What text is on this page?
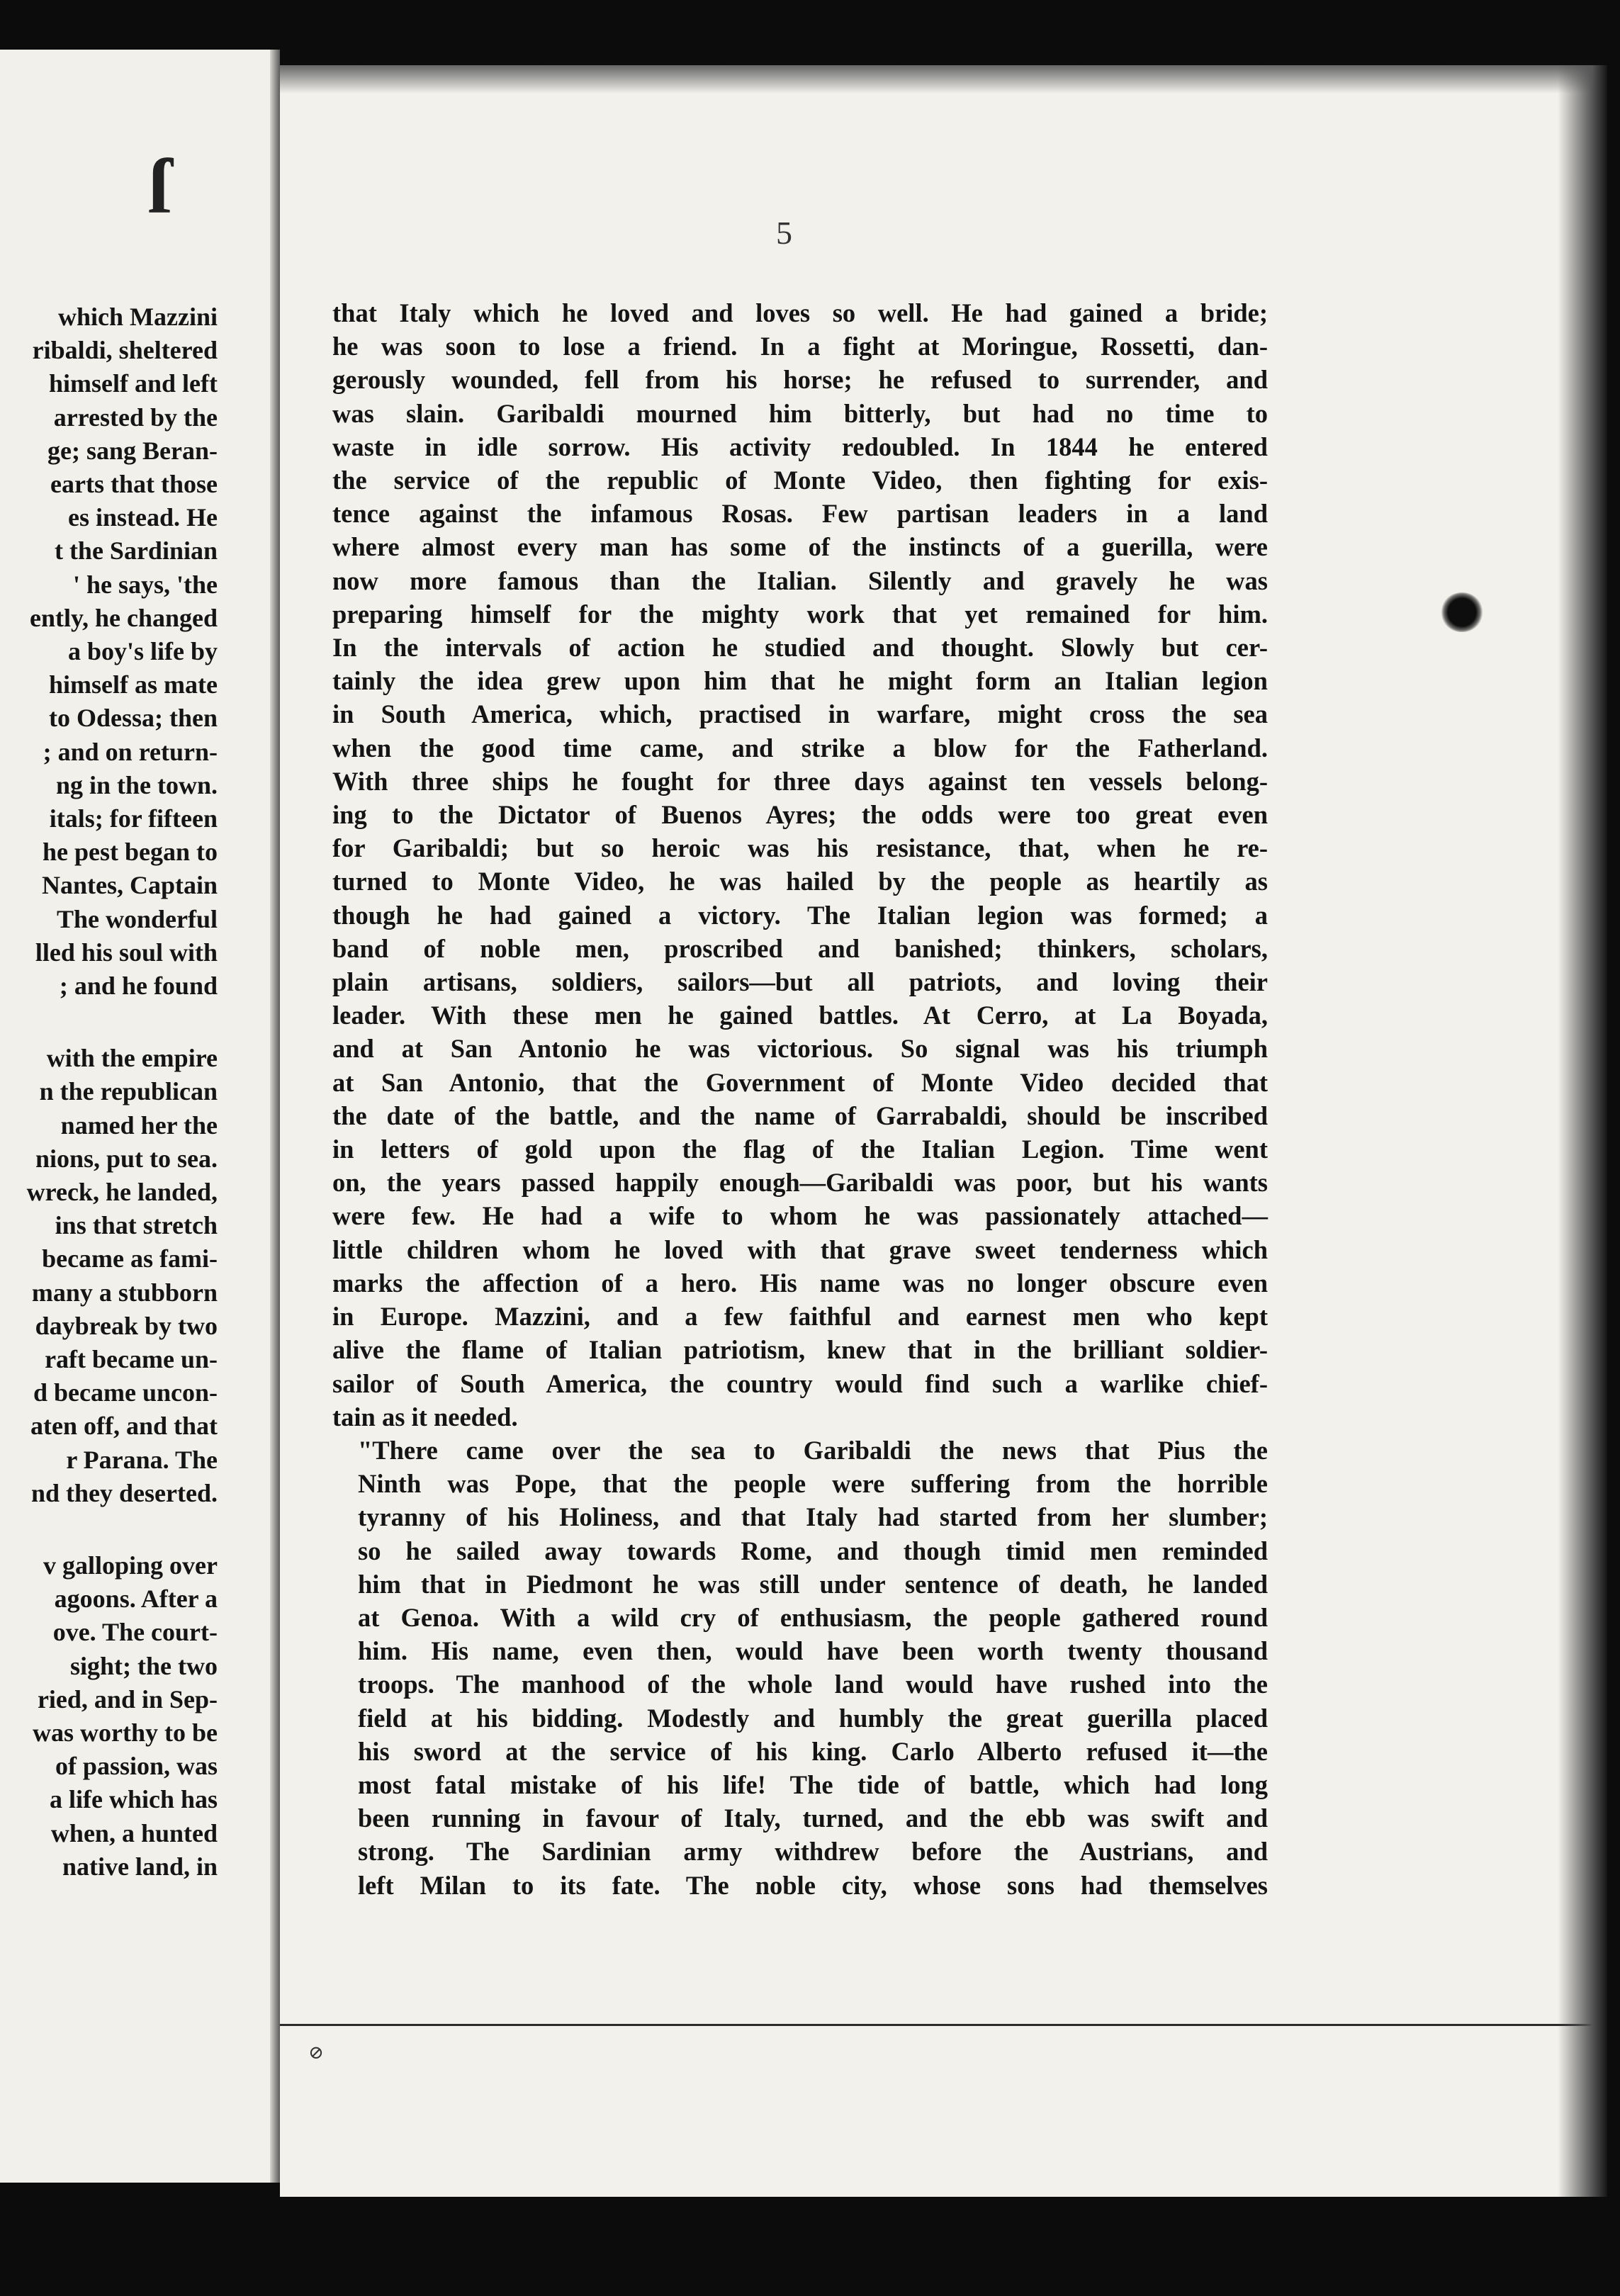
ſ
which Mazzini
ribaldi, sheltered
himself and left
arrested by the
ge; sang Beran-
earts that those
es instead. He
t the Sardinian
' he says, 'the
ently, he changed
a boy's life by
himself as mate
to Odessa; then
; and on return-
ng in the town.
itals; for fifteen
he pest began to
Nantes, Captain
The wonderful
lled his soul with
; and he found
with the empire
n the republican
named her the
nions, put to sea.
wreck, he landed,
ins that stretch
became as fami-
many a stubborn
daybreak by two
raft became un-
d became uncon-
aten off, and that
r Parana. The
nd they deserted.
v galloping over
agoons. After a
ove. The court-
sight; the two
ried, and in Sep-
was worthy to be
of passion, was
a life which has
when, a hunted
native land, in
5

that Italy which he loved and loves so well. He had gained a bride;
he was soon to lose a friend. In a fight at Moringue, Rossetti, dan-
gerously wounded, fell from his horse; he refused to surrender, and
was slain. Garibaldi mourned him bitterly, but had no time to
waste in idle sorrow. His activity redoubled. In 1844 he entered
the service of the republic of Monte Video, then fighting for exis-
tence against the infamous Rosas. Few partisan leaders in a land
where almost every man has some of the instincts of a guerilla, were
now more famous than the Italian. Silently and gravely he was
preparing himself for the mighty work that yet remained for him.
In the intervals of action he studied and thought. Slowly but cer-
tainly the idea grew upon him that he might form an Italian legion
in South America, which, practised in warfare, might cross the sea
when the good time came, and strike a blow for the Fatherland.
With three ships he fought for three days against ten vessels belong-
ing to the Dictator of Buenos Ayres; the odds were too great even
for Garibaldi; but so heroic was his resistance, that, when he re-
turned to Monte Video, he was hailed by the people as heartily as
though he had gained a victory. The Italian legion was formed; a
band of noble men, proscribed and banished; thinkers, scholars,
plain artisans, soldiers, sailors—but all patriots, and loving their
leader. With these men he gained battles. At Cerro, at La Boyada,
and at San Antonio he was victorious. So signal was his triumph
at San Antonio, that the Government of Monte Video decided that
the date of the battle, and the name of Garrabaldi, should be inscribed
in letters of gold upon the flag of the Italian Legion. Time went
on, the years passed happily enough—Garibaldi was poor, but his wants
were few. He had a wife to whom he was passionately attached—
little children whom he loved with that grave sweet tenderness which
marks the affection of a hero. His name was no longer obscure even
in Europe. Mazzini, and a few faithful and earnest men who kept
alive the flame of Italian patriotism, knew that in the brilliant soldier-
sailor of South America, the country would find such a warlike chief-
tain as it needed.

"There came over the sea to Garibaldi the news that Pius the
Ninth was Pope, that the people were suffering from the horrible
tyranny of his Holiness, and that Italy had started from her slumber;
so he sailed away towards Rome, and though timid men reminded
him that in Piedmont he was still under sentence of death, he landed
at Genoa. With a wild cry of enthusiasm, the people gathered round
him. His name, even then, would have been worth twenty thousand
troops. The manhood of the whole land would have rushed into the
field at his bidding. Modestly and humbly the great guerilla placed
his sword at the service of his king. Carlo Alberto refused it—the
most fatal mistake of his life! The tide of battle, which had long
been running in favour of Italy, turned, and the ebb was swift and
strong. The Sardinian army withdrew before the Austrians, and
left Milan to its fate. The noble city, whose sons had themselves

⊘
